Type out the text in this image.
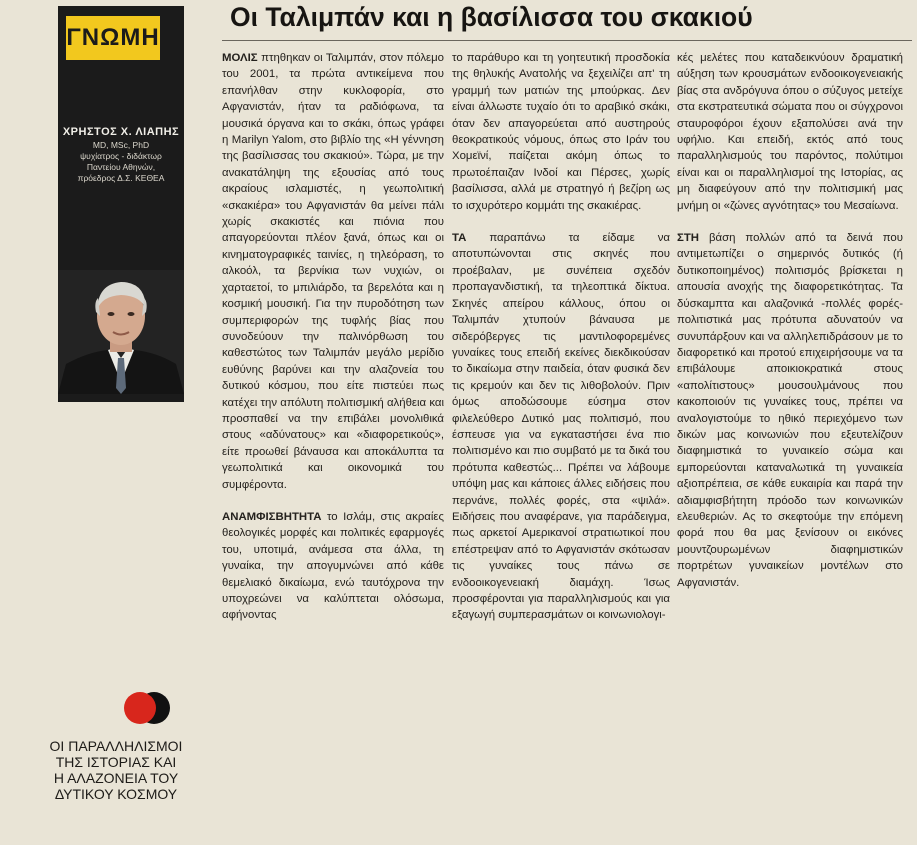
ΓΝΩΜΗ
ΧΡΗΣΤΟΣ Χ. ΛΙΑΠΗΣ
MD, MSc, PhD
ψυχίατρος - διδάκτωρ
Παντείου Αθηνών,
πρόεδρος Δ.Σ. ΚΕΘΕΑ
ΟΙ ΠΑΡΑΛΛΗΛΙΣΜΟΙ
ΤΗΣ ΙΣΤΟΡΙΑΣ ΚΑΙ
Η ΑΛΑΖΟΝΕΙΑ ΤΟΥ
ΔΥΤΙΚΟΥ ΚΟΣΜΟΥ
Οι Ταλιμπάν και η βασίλισσα του σκακιού

ΜΟΛΙΣ πτηθηκαν οι Ταλιμπάν, στον πόλεμο του 2001, τα πρώτα αντικείμενα που επανήλθαν στην κυκλοφορία, στο Αφγανιστάν, ήταν τα ραδιόφωνα, τα μουσικά όργανα και το σκάκι, όπως γράφει η Marilyn Yalom, στο βιβλίο της «Η γέννηση της βασίλισσας του σκακιού». Τώρα, με την ανακατάληψη της εξουσίας από τους ακραίους ισλαμιστές, η γεωπολιτική «σκακιέρα» του Αφγανιστάν θα μείνει πάλι χωρίς σκακιστές και πιόνια που απαγορεύονται πλέον ξανά, όπως και οι κινηματογραφικές ταινίες, η τηλεόραση, το αλκοόλ, τα βερνίκια των νυχιών, οι χαρταετοί, το μπιλιάρδο, τα βερελότα και η κοσμική μουσική. Για την πυροδότηση των συμπεριφορών της τυφλής βίας που συνοδεύουν την παλινόρθωση του καθεστώτος των Ταλιμπάν μεγάλο μερίδιο ευθύνης βαρύνει και την αλαζονεία του δυτικού κόσμου, που είτε πιστεύει πως κατέχει την απόλυτη πολιτισμική αλήθεια και προσπαθεί να την επιβάλει μονολιθικά στους «αδύνατους» και «διαφορετικούς», είτε προωθεί βάναυσα και αποκάλυπτα τα γεωπολιτικά και οικονομικά του συμφέροντα.

ΑΝΑΜΦΙΣΒΗΤΗΤΑ το Ισλάμ, στις ακραίες θεολογικές μορφές και πολιτικές εφαρμογές του, υποτιμά, ανάμεσα στα άλλα, τη γυναίκα, την απογυμνώνει από κάθε θεμελιακό δικαίωμα, ενώ ταυτόχρονα την υποχρεώνει να καλύπτεται ολόσωμα, αφήνοντας

το παράθυρο και τη γοητευτική προσδοκία της θηλυκής Ανατολής να ξεχειλίζει απ' τη γραμμή των ματιών της μπούρκας. Δεν είναι άλλωστε τυχαίο ότι το αραβικό σκάκι, όταν δεν απαγορεύεται από αυστηρούς θεοκρατικούς νόμους, όπως στο Ιράν του Χομεϊνί, παίζεται ακόμη όπως το πρωτοέπαιζαν Ινδοί και Πέρσες, χωρίς βασίλισσα, αλλά με στρατηγό ή βεζίρη ως το ισχυρότερο κομμάτι της σκακιέρας.

ΤΑ παραπάνω τα είδαμε να αποτυπώνονται στις σκηνές που προέβαλαν, με συνέπεια σχεδόν προπαγανδιστική, τα τηλεοπτικά δίκτυα. Σκηνές απείρου κάλλους, όπου οι Ταλιμπάν χτυπούν βάναυσα με σιδερόβεργες τις μαντιλοφορεμένες γυναίκες τους επειδή εκείνες διεκδικούσαν το δικαίωμα στην παιδεία, όταν φυσικά δεν τις κρεμούν και δεν τις λιθοβολούν. Πριν όμως αποδώσουμε εύσημα στον φιλελεύθερο Δυτικό μας πολιτισμό, που έσπευσε για να εγκαταστήσει ένα πιο πολιτισμένο και πιο συμβατό με τα δικά του πρότυπα καθεστώς... Πρέπει να λάβουμε υπόψη μας και κάποιες άλλες ειδήσεις που περνάνε, πολλές φορές, στα «ψιλά». Ειδήσεις που αναφέρανε, για παράδειγμα, πως αρκετοί Αμερικανοί στρατιωτικοί που επέστρεψαν από το Αφγανιστάν σκότωσαν τις γυναίκες τους πάνω σε ενδοοικογενειακή διαμάχη. Ίσως προσφέρονται για παραλληλισμούς και για εξαγωγή συμπερασμάτων οι κοινωνιολογι-

κές μελέτες που καταδεικνύουν δραματική αύξηση των κρουσμάτων ενδοοικογενειακής βίας στα ανδρόγυνα όπου ο σύζυγος μετείχε στα εκστρατευτικά σώματα που οι σύγχρονοι σταυροφόροι έχουν εξαπολύσει ανά την υφήλιο. Και επειδή, εκτός από τους παραλληλισμούς του παρόντος, πολύτιμοι είναι και οι παραλληλισμοί της Ιστορίας, ας μη διαφεύγουν από την πολιτισμική μας μνήμη οι «ζώνες αγνότητας» του Μεσαίωνα.

ΣΤΗ βάση πολλών από τα δεινά που αντιμετωπίζει ο σημερινός δυτικός (ή δυτικοποιημένος) πολιτισμός βρίσκεται η απουσία ανοχής της διαφορετικότητας. Τα δύσκαμπτα και αλαζονικά -πολλές φορές- πολιτιστικά μας πρότυπα αδυνατούν να συνυπάρξουν και να αλληλεπιδράσουν με το διαφορετικό και προτού επιχειρήσουμε να τα επιβάλουμε αποικιοκρατικά στους «απολίτιστους» μουσουλμάνους που κακοποιούν τις γυναίκες τους, πρέπει να αναλογιστούμε το ηθικό περιεχόμενο των δικών μας κοινωνιών που εξευτελίζουν διαφημιστικά το γυναικείο σώμα και εμπορεύονται καταναλωτικά τη γυναικεία αξιοπρέπεια, σε κάθε ευκαιρία και παρά την αδιαμφισβήτητη πρόοδο των κοινωνικών ελευθεριών. Ας το σκεφτούμε την επόμενη φορά που θα μας ξενίσουν οι εικόνες μουντζουρωμένων διαφημιστικών πορτρέτων γυναικείων μοντέλων στο Αφγανιστάν.
